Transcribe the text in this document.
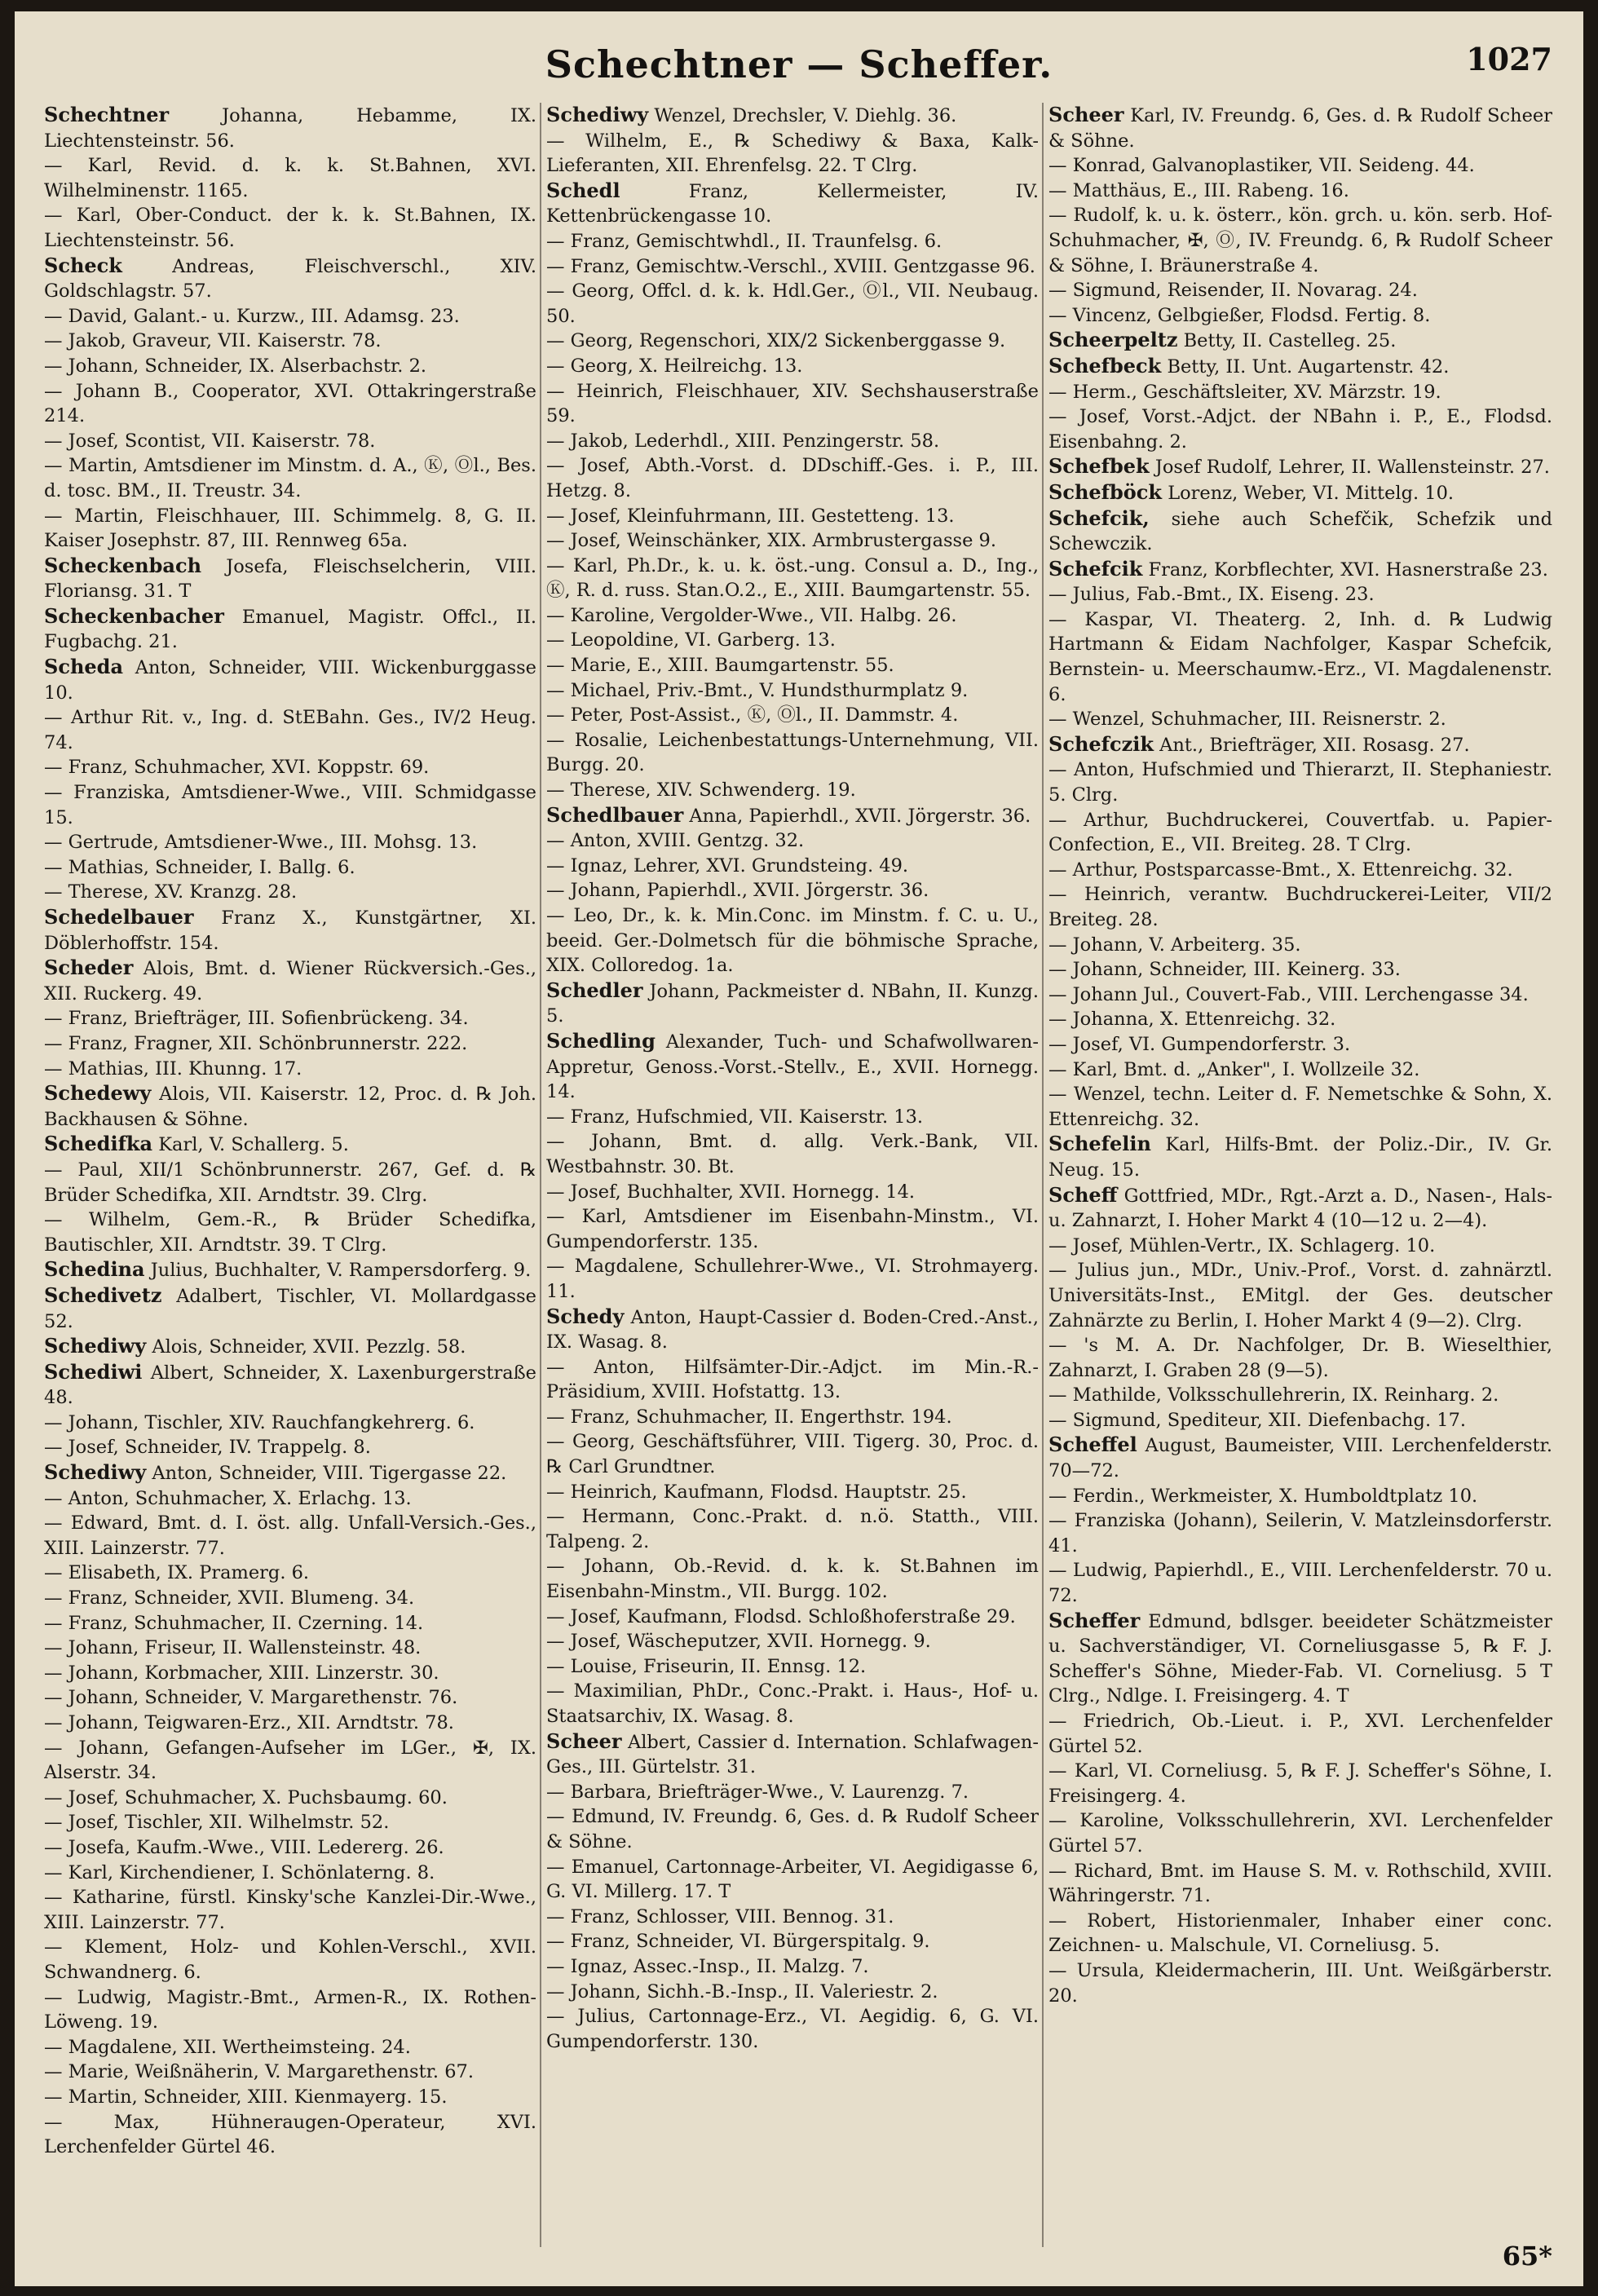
Schechtner — Scheffer.	1027
Schechtner	Johanna, Hebamme, IX. Liechtensteinstr. 56.
— Karl, Revid. d. k. k. St.Bahnen, XVI. Wilhelminenstr. 1165.
— Karl, Ober-Conduct. der k. k. St.Bahnen, IX. Liechtensteinstr. 56.
Scheck	Andreas, Fleischverschl., XIV. Goldschlagstr. 57.
— David, Galant.- u. Kurzw., III. Adamsg. 23.
— Jakob, Graveur, VII. Kaiserstr. 78.
— Johann, Schneider, IX. Alserbachstr. 2.
— Johann B., Cooperator, XVI. Ottakringerstraße 214.
— Josef, Scontist, VII. Kaiserstr. 78.
— Martin, Amtsdiener im Minstm. d. A., Ⓚ, Ⓞl., Bes. d. tosc. BM., II. Treustr. 34.
— Martin, Fleischhauer, III. Schimmelg. 8, G. II. Kaiser Josephstr. 87, III. Rennweg 65a.
Scheckenbach Josefa, Fleischselcherin, VIII. Floriansg. 31. T
Scheckenbacher Emanuel, Magistr. Offcl., II. Fugbachg. 21.
Scheda Anton, Schneider, VIII. Wickenburggasse 10.
— Arthur Rit. v., Ing. d. StEBahn. Ges., IV/2 Heug. 74.
— Franz, Schuhmacher, XVI. Koppstr. 69.
— Franziska, Amtsdiener-Wwe., VIII. Schmidgasse 15.
— Gertrude, Amtsdiener-Wwe., III. Mohsg. 13.
— Mathias, Schneider, I. Ballg. 6.
— Therese, XV. Kranzg. 28.
Schedelbauer Franz X., Kunstgärtner, XI. Döblerhoffstr. 154.
Scheder Alois, Bmt. d. Wiener Rückversich.-Ges., XII. Ruckerg. 49.
— Franz, Briefträger, III. Sofienbrückeng. 34.
— Franz, Fragner, XII. Schönbrunnerstr. 222.
— Mathias, III. Khunng. 17.
Schedewy Alois, VII. Kaiserstr. 12, Proc. d. ℞ Joh. Backhausen & Söhne.
Schedifka Karl, V. Schallerg. 5.
— Paul, XII/1 Schönbrunnerstr. 267, Gef. d. ℞ Brüder Schedifka, XII. Arndtstr. 39. Clrg.
— Wilhelm, Gem.-R., ℞ Brüder Schedifka, Bautischler, XII. Arndtstr. 39. T Clrg.
Schedina Julius, Buchhalter, V. Rampersdorferg. 9.
Schedivetz Adalbert, Tischler, VI. Mollardgasse 52.
Schediwy Alois, Schneider, XVII. Pezzlg. 58.
Schediwi Albert, Schneider, X. Laxenburgerstraße 48.
— Johann, Tischler, XIV. Rauchfangkehrerg. 6.
— Josef, Schneider, IV. Trappelg. 8.
Schediwy Anton, Schneider, VIII. Tigergasse 22.
— Anton, Schuhmacher, X. Erlachg. 13.
— Edward, Bmt. d. I. öst. allg. Unfall-Versich.-Ges., XIII. Lainzerstr. 77.
— Elisabeth, IX. Pramerg. 6.
— Franz, Schneider, XVII. Blumeng. 34.
— Franz, Schuhmacher, II. Czerning. 14.
— Johann, Friseur, II. Wallensteinstr. 48.
— Johann, Korbmacher, XIII. Linzerstr. 30.
— Johann, Schneider, V. Margarethenstr. 76.
— Johann, Teigwaren-Erz., XII. Arndtstr. 78.
— Johann, Gefangen-Aufseher im LGer., ✠, IX. Alserstr. 34.
— Josef, Schuhmacher, X. Puchsbaumg. 60.
— Josef, Tischler, XII. Wilhelmstr. 52.
— Josefa, Kaufm.-Wwe., VIII. Ledererg. 26.
— Karl, Kirchendiener, I. Schönlaterng. 8.
— Katharine, fürstl. Kinsky'sche Kanzlei-Dir.-Wwe., XIII. Lainzerstr. 77.
— Klement, Holz- und Kohlen-Verschl., XVII. Schwandnerg. 6.
— Ludwig, Magistr.-Bmt., Armen-R., IX. Rothen-Löweng. 19.
— Magdalene, XII. Wertheimsteing. 24.
— Marie, Weißnäherin, V. Margarethenstr. 67.
— Martin, Schneider, XIII. Kienmayerg. 15.
— Max, Hühneraugen-Operateur, XVI. Lerchenfelder Gürtel 46.
Schediwy Wenzel, Drechsler, V. Diehlg. 36.
— Wilhelm, E., ℞ Schediwy & Baxa, Kalk-Lieferanten, XII. Ehrenfelsg. 22. T Clrg.
Schedl	Franz, Kellermeister, IV. Kettenbrückengasse 10.
— Franz, Gemischtwhdl., II. Traunfelsg. 6.
— Franz, Gemischtw.-Verschl., XVIII. Gentzgasse 96.
— Georg, Offcl. d. k. k. Hdl.Ger., Ⓞl., VII. Neubaug. 50.
— Georg, Regenschori, XIX/2 Sickenberggasse 9.
— Georg, X. Heilreichg. 13.
— Heinrich, Fleischhauer, XIV. Sechshauserstraße 59.
— Jakob, Lederhdl., XIII. Penzingerstr. 58.
— Josef, Abth.-Vorst. d. DDschiff.-Ges. i. P., III. Hetzg. 8.
— Josef, Kleinfuhrmann, III. Gestetteng. 13.
— Josef, Weinschänker, XIX. Armbrustergasse 9.
— Karl, Ph.Dr., k. u. k. öst.-ung. Consul a. D., Ing., Ⓚ, R. d. russ. Stan.O.2., E., XIII. Baumgartenstr. 55.
— Karoline, Vergolder-Wwe., VII. Halbg. 26.
— Leopoldine, VI. Garberg. 13.
— Marie, E., XIII. Baumgartenstr. 55.
— Michael, Priv.-Bmt., V. Hundsthurmplatz 9.
— Peter, Post-Assist., Ⓚ, Ⓞl., II. Dammstr. 4.
— Rosalie, Leichenbestattungs-Unternehmung, VII. Burgg. 20.
— Therese, XIV. Schwenderg. 19.
Schedlbauer Anna, Papierhdl., XVII. Jörgerstr. 36.
— Anton, XVIII. Gentzg. 32.
— Ignaz, Lehrer, XVI. Grundsteing. 49.
— Johann, Papierhdl., XVII. Jörgerstr. 36.
— Leo, Dr., k. k. Min.Conc. im Minstm. f. C. u. U., beeid. Ger.-Dolmetsch für die böhmische Sprache, XIX. Colloredog. 1a.
Schedler Johann, Packmeister d. NBahn, II. Kunzg. 5.
Schedling Alexander, Tuch- und Schafwollwaren-Appretur, Genoss.-Vorst.-Stellv., E., XVII. Hornegg. 14.
— Franz, Hufschmied, VII. Kaiserstr. 13.
— Johann, Bmt. d. allg. Verk.-Bank, VII. Westbahnstr. 30. Bt.
— Josef, Buchhalter, XVII. Hornegg. 14.
— Karl, Amtsdiener im Eisenbahn-Minstm., VI. Gumpendorferstr. 135.
— Magdalene, Schullehrer-Wwe., VI. Strohmayerg. 11.
Schedy Anton, Haupt-Cassier d. Boden-Cred.-Anst., IX. Wasag. 8.
— Anton, Hilfsämter-Dir.-Adjct. im Min.-R.-Präsidium, XVIII. Hofstattg. 13.
— Franz, Schuhmacher, II. Engerthstr. 194.
— Georg, Geschäftsführer, VIII. Tigerg. 30, Proc. d. ℞ Carl Grundtner.
— Heinrich, Kaufmann, Flodsd. Hauptstr. 25.
— Hermann, Conc.-Prakt. d. n.ö. Statth., VIII. Talpeng. 2.
— Johann, Ob.-Revid. d. k. k. St.Bahnen im Eisenbahn-Minstm., VII. Burgg. 102.
— Josef, Kaufmann, Flodsd. Schloßhoferstraße 29.
— Josef, Wäscheputzer, XVII. Hornegg. 9.
— Louise, Friseurin, II. Ennsg. 12.
— Maximilian, PhDr., Conc.-Prakt. i. Haus-, Hof- u. Staatsarchiv, IX. Wasag. 8.
Scheer Albert, Cassier d. Internation. Schlafwagen-Ges., III. Gürtelstr. 31.
— Barbara, Briefträger-Wwe., V. Laurenzg. 7.
— Edmund, IV. Freundg. 6, Ges. d. ℞ Rudolf Scheer & Söhne.
— Emanuel, Cartonnage-Arbeiter, VI. Aegidigasse 6, G. VI. Millerg. 17. T
— Franz, Schlosser, VIII. Bennog. 31.
— Franz, Schneider, VI. Bürgerspitalg. 9.
— Ignaz, Assec.-Insp., II. Malzg. 7.
— Johann, Sichh.-B.-Insp., II. Valeriestr. 2.
— Julius, Cartonnage-Erz., VI. Aegidig. 6, G. VI. Gumpendorferstr. 130.
Scheer Karl, IV. Freundg. 6, Ges. d. ℞ Rudolf Scheer & Söhne.
— Konrad, Galvanoplastiker, VII. Seideng. 44.
— Matthäus, E., III. Rabeng. 16.
— Rudolf, k. u. k. österr., kön. grch. u. kön. serb. Hof-Schuhmacher, ✠, Ⓞ, IV. Freundg. 6, ℞ Rudolf Scheer & Söhne, I. Bräunerstraße 4.
— Sigmund, Reisender, II. Novarag. 24.
— Vincenz, Gelbgießer, Flodsd. Fertig. 8.
Scheerpeltz Betty, II. Castelleg. 25.
Schefbeck Betty, II. Unt. Augartenstr. 42.
— Herm., Geschäftsleiter, XV. Märzstr. 19.
— Josef, Vorst.-Adjct. der NBahn i. P., E., Flodsd. Eisenbahng. 2.
Schefbek Josef Rudolf, Lehrer, II. Wallensteinstr. 27.
Schefböck Lorenz, Weber, VI. Mittelg. 10.
Schefcik, siehe auch Schefčik, Schefzik und Schewczik.
Schefcik Franz, Korbflechter, XVI. Hasnerstraße 23.
— Julius, Fab.-Bmt., IX. Eiseng. 23.
— Kaspar, VI. Theaterg. 2, Inh. d. ℞ Ludwig Hartmann & Eidam Nachfolger, Kaspar Schefcik, Bernstein- u. Meerschaumw.-Erz., VI. Magdalenenstr. 6.
— Wenzel, Schuhmacher, III. Reisnerstr. 2.
Schefczik Ant., Briefträger, XII. Rosasg. 27.
— Anton, Hufschmied und Thierarzt, II. Stephaniestr. 5. Clrg.
— Arthur, Buchdruckerei, Couvertfab. u. Papier-Confection, E., VII. Breiteg. 28. T Clrg.
— Arthur, Postsparcasse-Bmt., X. Ettenreichg. 32.
— Heinrich, verantw. Buchdruckerei-Leiter, VII/2 Breiteg. 28.
— Johann, V. Arbeiterg. 35.
— Johann, Schneider, III. Keinerg. 33.
— Johann Jul., Couvert-Fab., VIII. Lerchengasse 34.
— Johanna, X. Ettenreichg. 32.
— Josef, VI. Gumpendorferstr. 3.
— Karl, Bmt. d. „Anker", I. Wollzeile 32.
— Wenzel, techn. Leiter d. F. Nemetschke & Sohn, X. Ettenreichg. 32.
Schefelin Karl, Hilfs-Bmt. der Poliz.-Dir., IV. Gr. Neug. 15.
Scheff Gottfried, MDr., Rgt.-Arzt a. D., Nasen-, Hals- u. Zahnarzt, I. Hoher Markt 4 (10—12 u. 2—4).
— Josef, Mühlen-Vertr., IX. Schlagerg. 10.
— Julius jun., MDr., Univ.-Prof., Vorst. d. zahnärztl. Universitäts-Inst., EMitgl. der Ges. deutscher Zahnärzte zu Berlin, I. Hoher Markt 4 (9—2). Clrg.
— 's M. A. Dr. Nachfolger, Dr. B. Wieselthier, Zahnarzt, I. Graben 28 (9—5).
— Mathilde, Volksschullehrerin, IX. Reinharg. 2.
— Sigmund, Spediteur, XII. Diefenbachg. 17.
Scheffel August, Baumeister, VIII. Lerchenfelderstr. 70—72.
— Ferdin., Werkmeister, X. Humboldtplatz 10.
— Franziska (Johann), Seilerin, V. Matzleinsdorferstr. 41.
— Ludwig, Papierhdl., E., VIII. Lerchenfelderstr. 70 u. 72.
Scheffer Edmund, bdlsger. beeideter Schätzmeister u. Sachverständiger, VI. Corneliusgasse 5, ℞ F. J. Scheffer's Söhne, Mieder-Fab. VI. Corneliusg. 5 T Clrg., Ndlge. I. Freisingerg. 4. T
— Friedrich, Ob.-Lieut. i. P., XVI. Lerchenfelder Gürtel 52.
— Karl, VI. Corneliusg. 5, ℞ F. J. Scheffer's Söhne, I. Freisingerg. 4.
— Karoline, Volksschullehrerin, XVI. Lerchenfelder Gürtel 57.
— Richard, Bmt. im Hause S. M. v. Rothschild, XVIII. Währingerstr. 71.
— Robert, Historienmaler, Inhaber einer conc. Zeichnen- u. Malschule, VI. Corneliusg. 5.
— Ursula, Kleidermacherin, III. Unt. Weißgärberstr. 20.
65*
